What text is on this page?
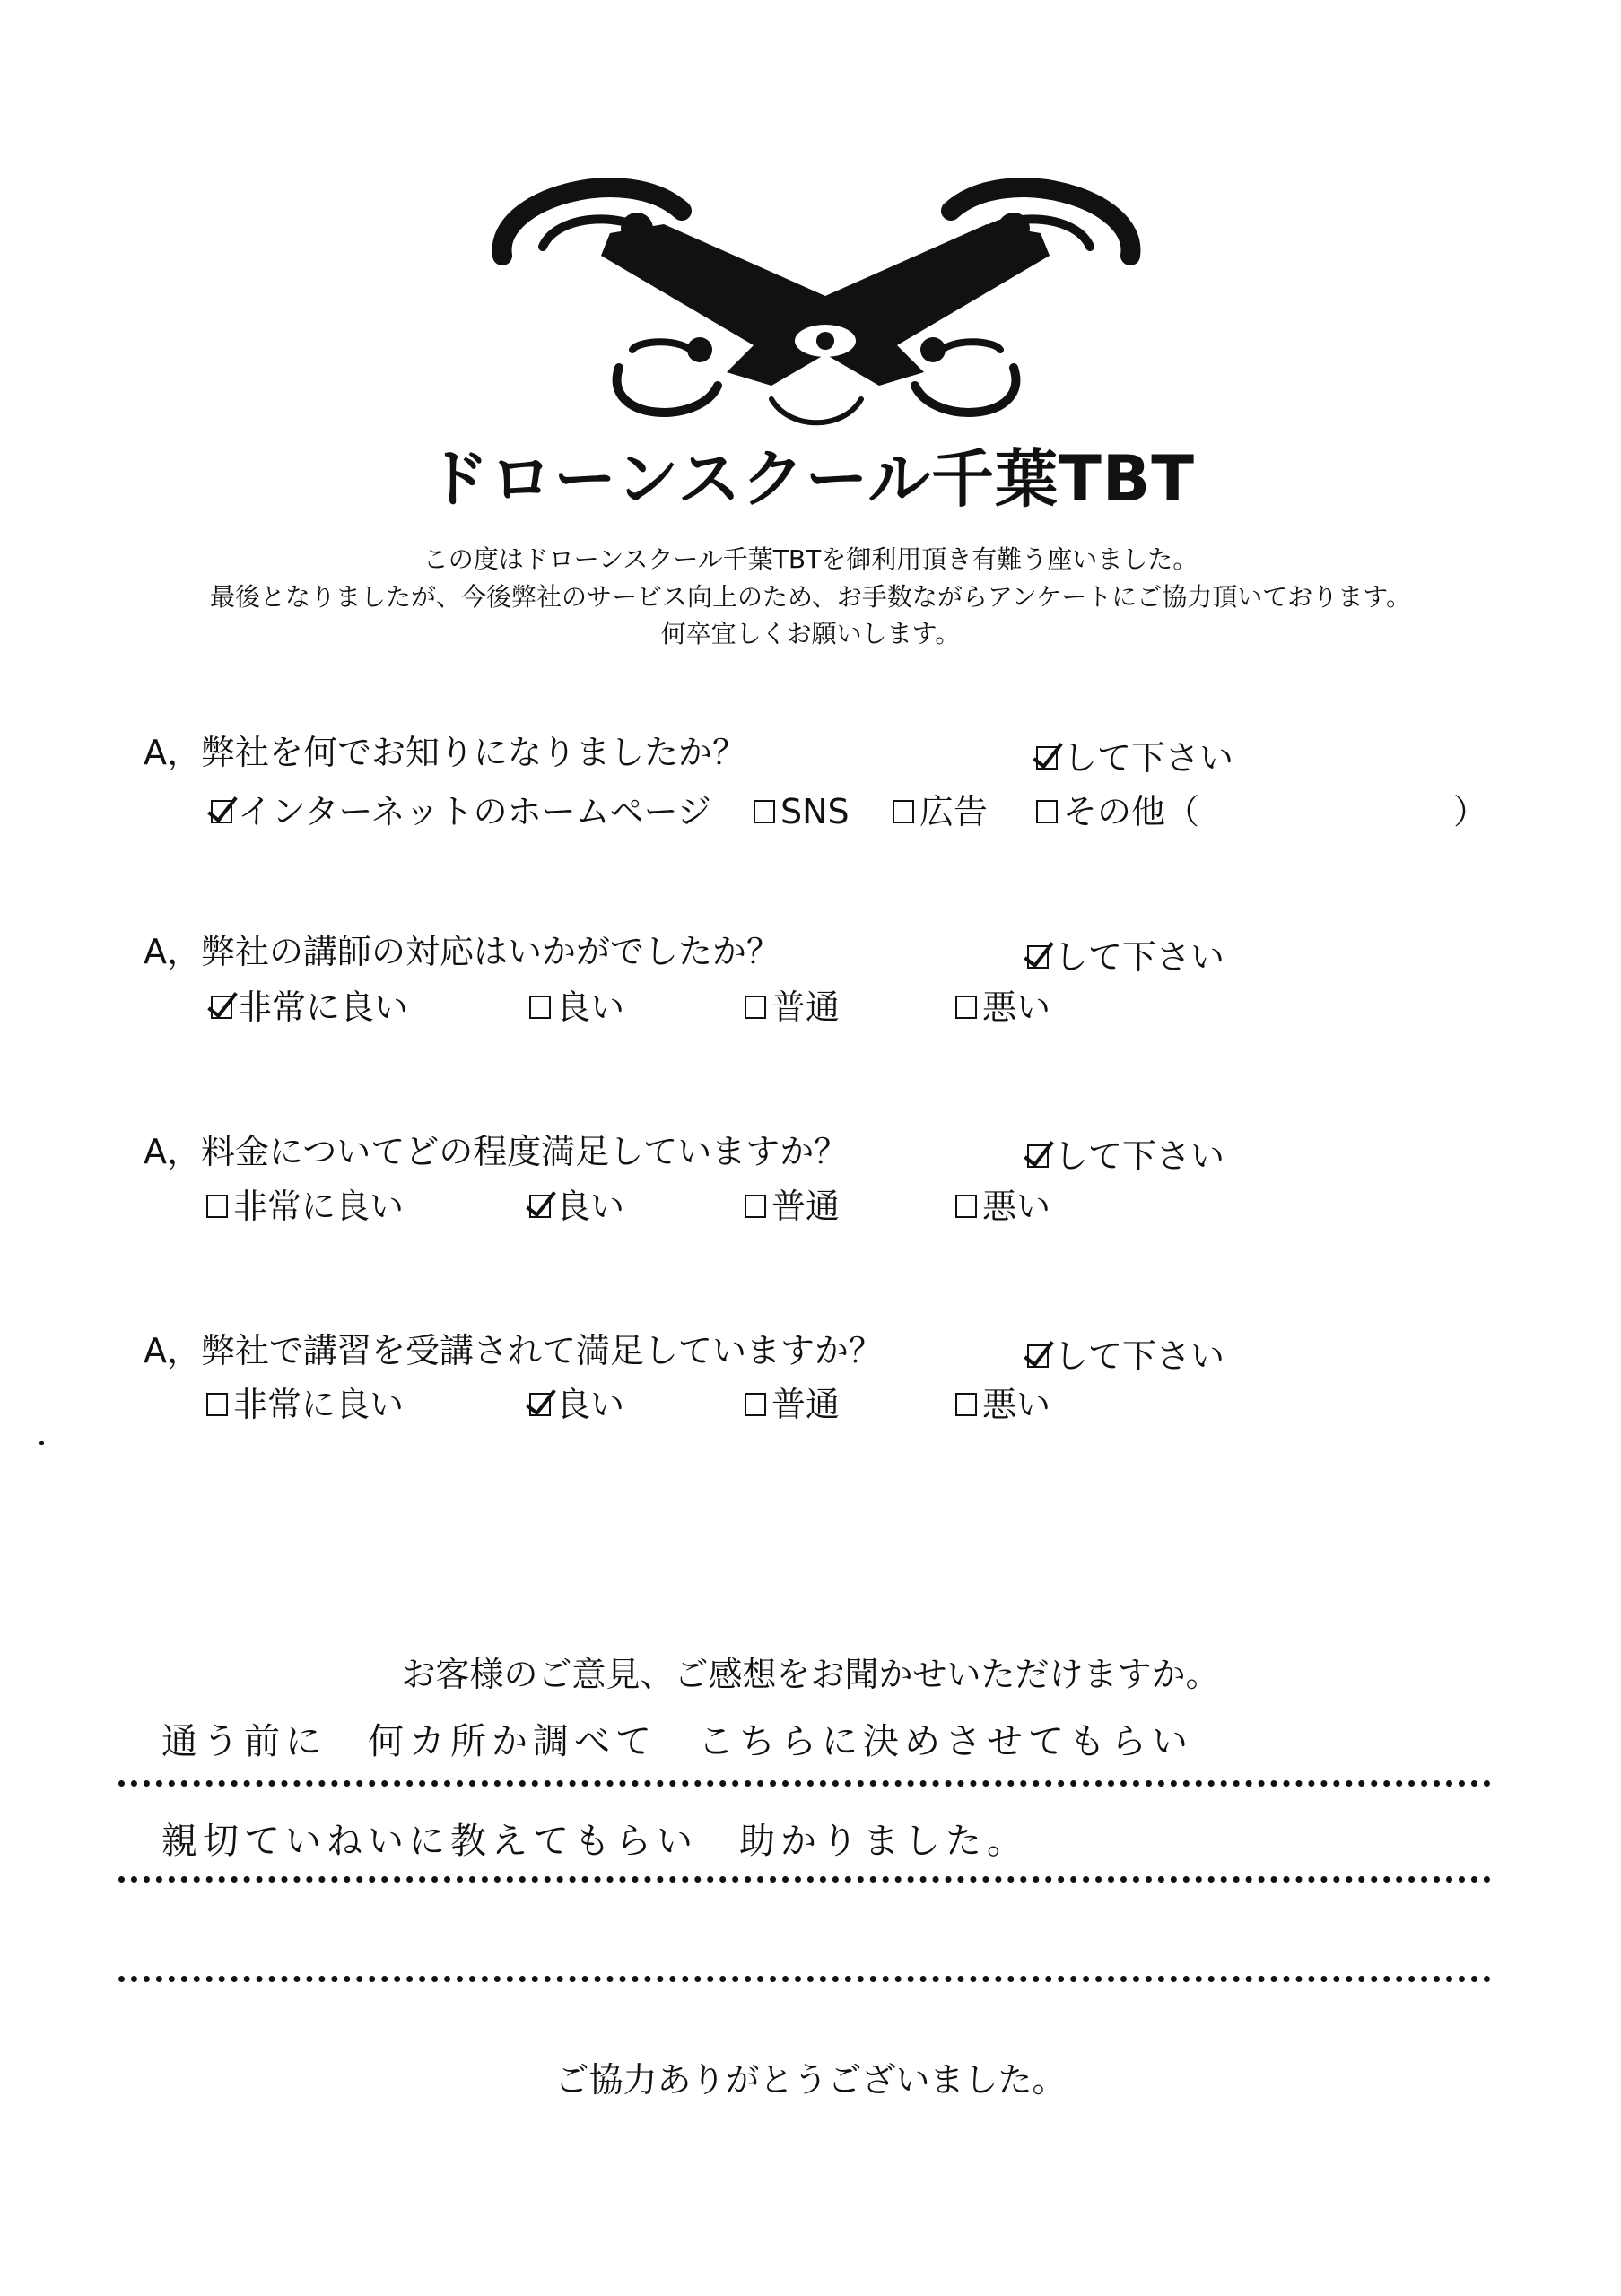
ドローンスクール千葉TBT
この度はドローンスクール千葉TBTを御利用頂き有難う座いました。
最後となりましたが、今後弊社のサービス向上のため、お手数ながらアンケートにご協力頂いております。
何卒宜しくお願いします。
A，弊社を何でお知りになりましたか？	して下さい
インターネットのホームページ SNS 広告 その他（	）
A，弊社の講師の対応はいかがでしたか？	して下さい
非常に良い	良い	普通	悪い
A，料金についてどの程度満足していますか？	して下さい
非常に良い	良い	普通	悪い
A，弊社で講習を受講されて満足していますか？	して下さい
非常に良い	良い	普通	悪い
お客様のご意見、ご感想をお聞かせいただけますか。
通う前に　何カ所か調べて　こちらに決めさせてもらい
親切ていねいに教えてもらい　助かりました。
ご協力ありがとうございました。
